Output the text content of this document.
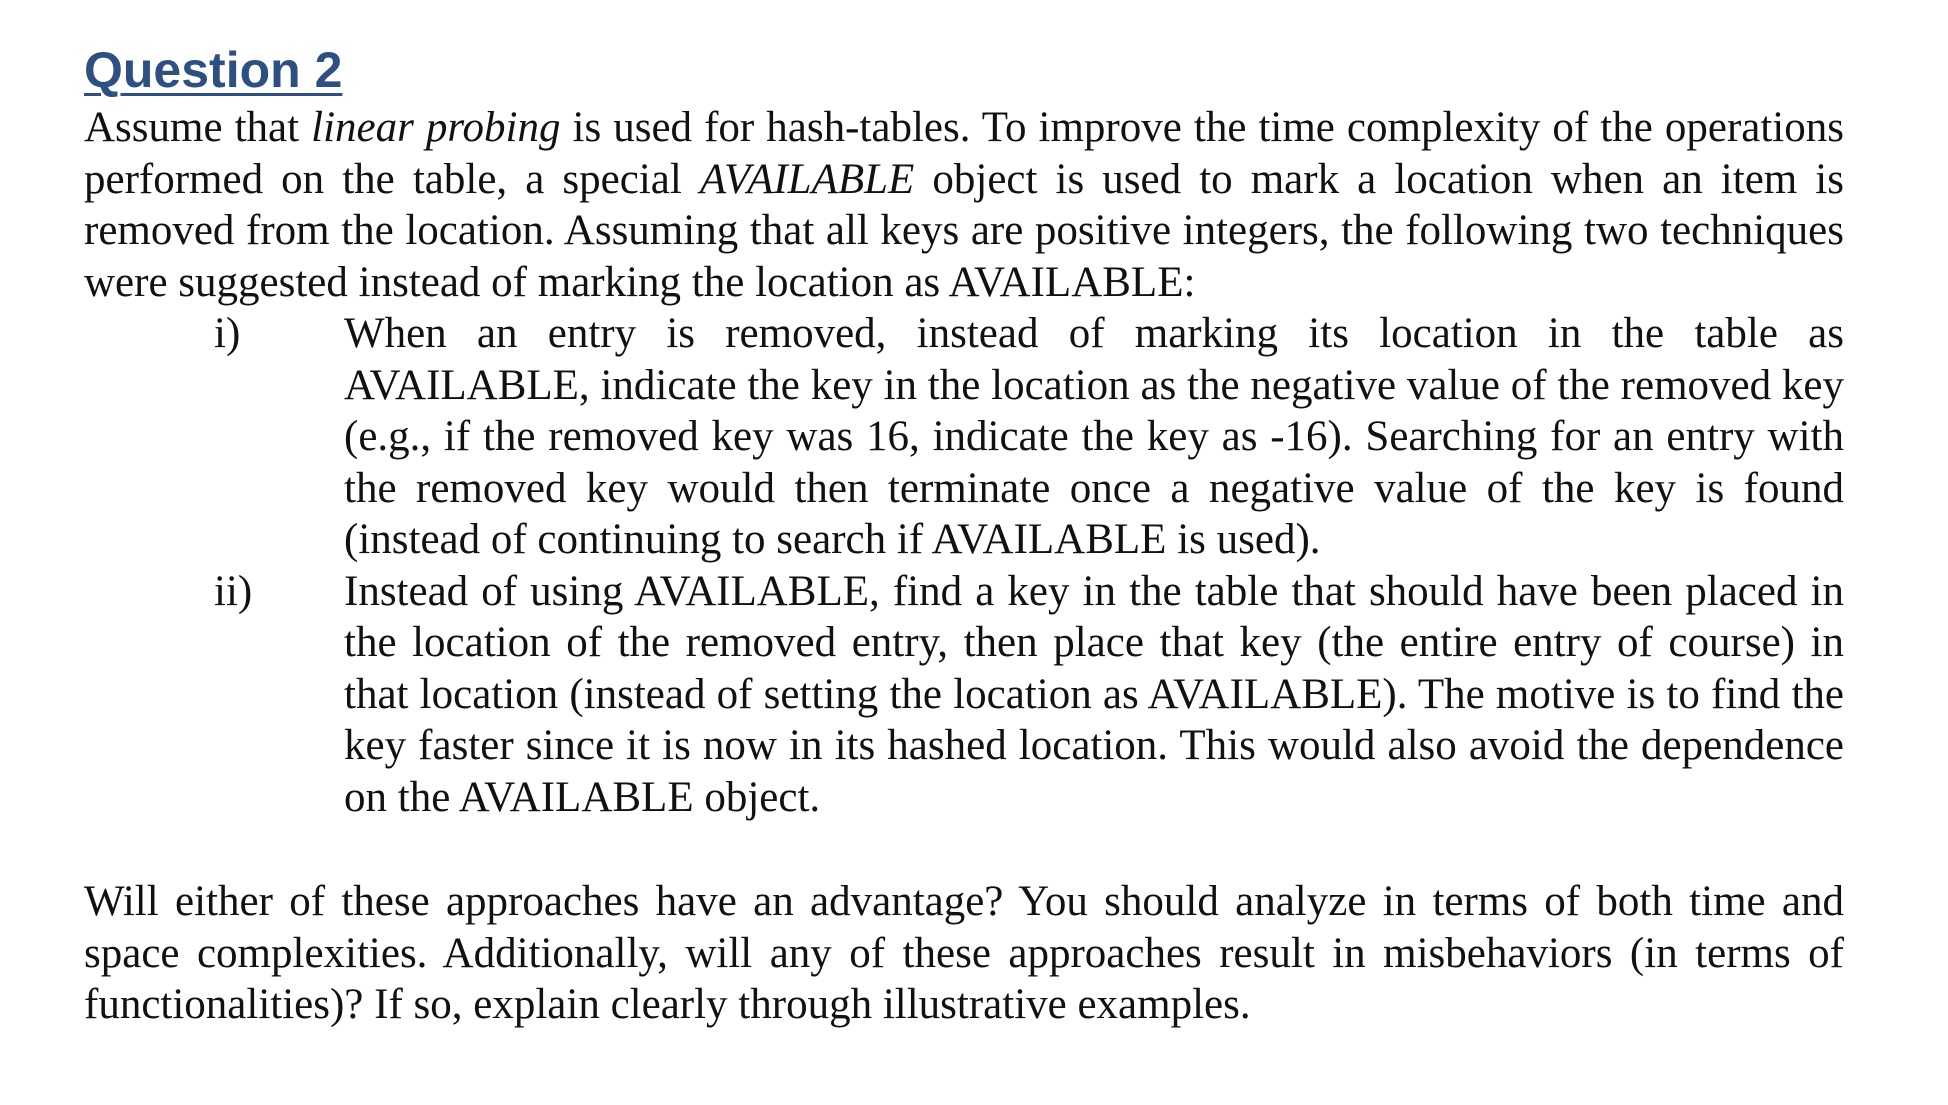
Question 2

Assume that linear probing is used for hash-tables. To improve the time complexity of the operations performed on the table, a special AVAILABLE object is used to mark a location when an item is removed from the location. Assuming that all keys are positive integers, the following two techniques were suggested instead of marking the location as AVAILABLE:

i)	When an entry is removed, instead of marking its location in the table as AVAILABLE, indicate the key in the location as the negative value of the removed key (e.g., if the removed key was 16, indicate the key as -16). Searching for an entry with the removed key would then terminate once a negative value of the key is found (instead of continuing to search if AVAILABLE is used).
ii)	Instead of using AVAILABLE, find a key in the table that should have been placed in the location of the removed entry, then place that key (the entire entry of course) in that location (instead of setting the location as AVAILABLE). The motive is to find the key faster since it is now in its hashed location. This would also avoid the dependence on the AVAILABLE object.

Will either of these approaches have an advantage? You should analyze in terms of both time and space complexities. Additionally, will any of these approaches result in misbehaviors (in terms of functionalities)? If so, explain clearly through illustrative examples.
